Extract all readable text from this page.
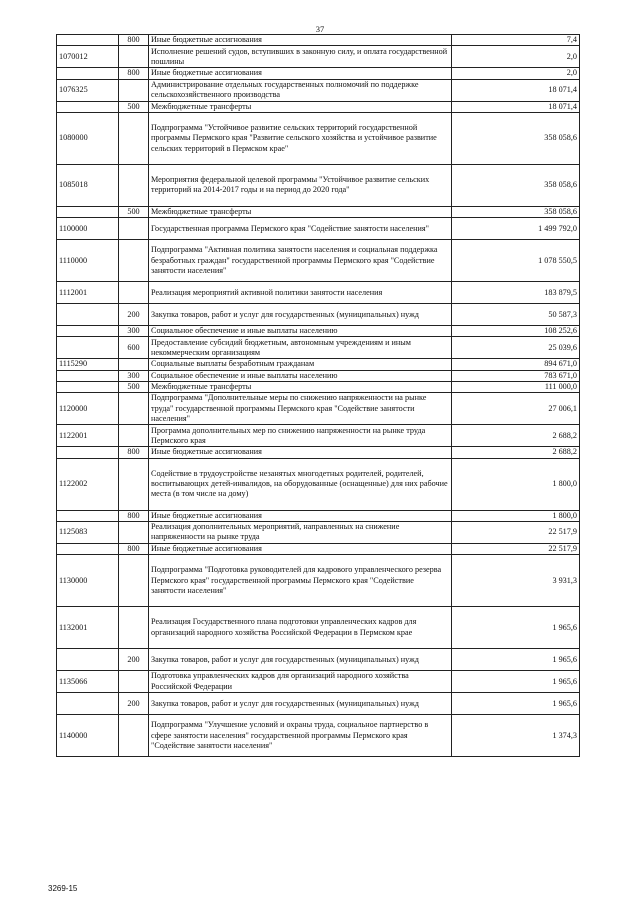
37
	800	Иные бюджетные ассигнования	7,4
1070012		Исполнение решений судов, вступивших в законную силу, и оплата государственной пошлины	2,0
	800	Иные бюджетные ассигнования	2,0
1076325		Администрирование отдельных государственных полномочий по поддержке сельскохозяйственного производства	18 071,4
	500	Межбюджетные трансферты	18 071,4
1080000		Подпрограмма "Устойчивое развитие сельских территорий государственной программы Пермского края "Развитие сельского хозяйства и устойчивое развитие сельских территорий в Пермском крае"	358 058,6
1085018		Мероприятия федеральной целевой программы "Устойчивое развитие сельских территорий на 2014-2017 годы и на период до 2020 года"	358 058,6
	500	Межбюджетные трансферты	358 058,6
1100000		Государственная программа Пермского края "Содействие занятости населения"	1 499 792,0
1110000		Подпрограмма "Активная политика занятости населения и социальная поддержка безработных граждан" государственной программы Пермского края "Содействие занятости населения"	1 078 550,5
1112001		Реализация мероприятий активной политики занятости населения	183 879,5
	200	Закупка товаров, работ и услуг для государственных (муниципальных) нужд	50 587,3
	300	Социальное обеспечение и иные выплаты населению	108 252,6
	600	Предоставление субсидий бюджетным, автономным учреждениям и иным некоммерческим организациям	25 039,6
1115290		Социальные выплаты безработным гражданам	894 671,0
	300	Социальное обеспечение и иные выплаты населению	783 671,0
	500	Межбюджетные трансферты	111 000,0
1120000		Подпрограмма "Дополнительные меры по снижению напряженности на рынке труда" государственной программы Пермского края "Содействие занятости населения"	27 006,1
1122001		Программа дополнительных мер по снижению напряженности на рынке труда Пермского края	2 688,2
	800	Иные бюджетные ассигнования	2 688,2
1122002		Содействие в трудоустройстве незанятых многодетных родителей, родителей, воспитывающих детей-инвалидов, на оборудованные (оснащенные) для них рабочие места (в том числе на дому)	1 800,0
	800	Иные бюджетные ассигнования	1 800,0
1125083		Реализация дополнительных мероприятий, направленных на снижение напряженности на рынке труда	22 517,9
	800	Иные бюджетные ассигнования	22 517,9
1130000		Подпрограмма "Подготовка руководителей для кадрового управленческого резерва Пермского края" государственной программы Пермского края "Содействие занятости населения"	3 931,3
1132001		Реализация Государственного плана подготовки управленческих кадров для организаций народного хозяйства Российской Федерации в Пермском крае	1 965,6
	200	Закупка товаров, работ и услуг для государственных (муниципальных) нужд	1 965,6
1135066		Подготовка управленческих кадров для организаций народного хозяйства Российской Федерации	1 965,6
	200	Закупка товаров, работ и услуг для государственных (муниципальных) нужд	1 965,6
1140000		Подпрограмма "Улучшение условий и охраны труда, социальное партнерство в сфере занятости населения" государственной программы Пермского края "Содействие занятости населения"	1 374,3
3269-15
